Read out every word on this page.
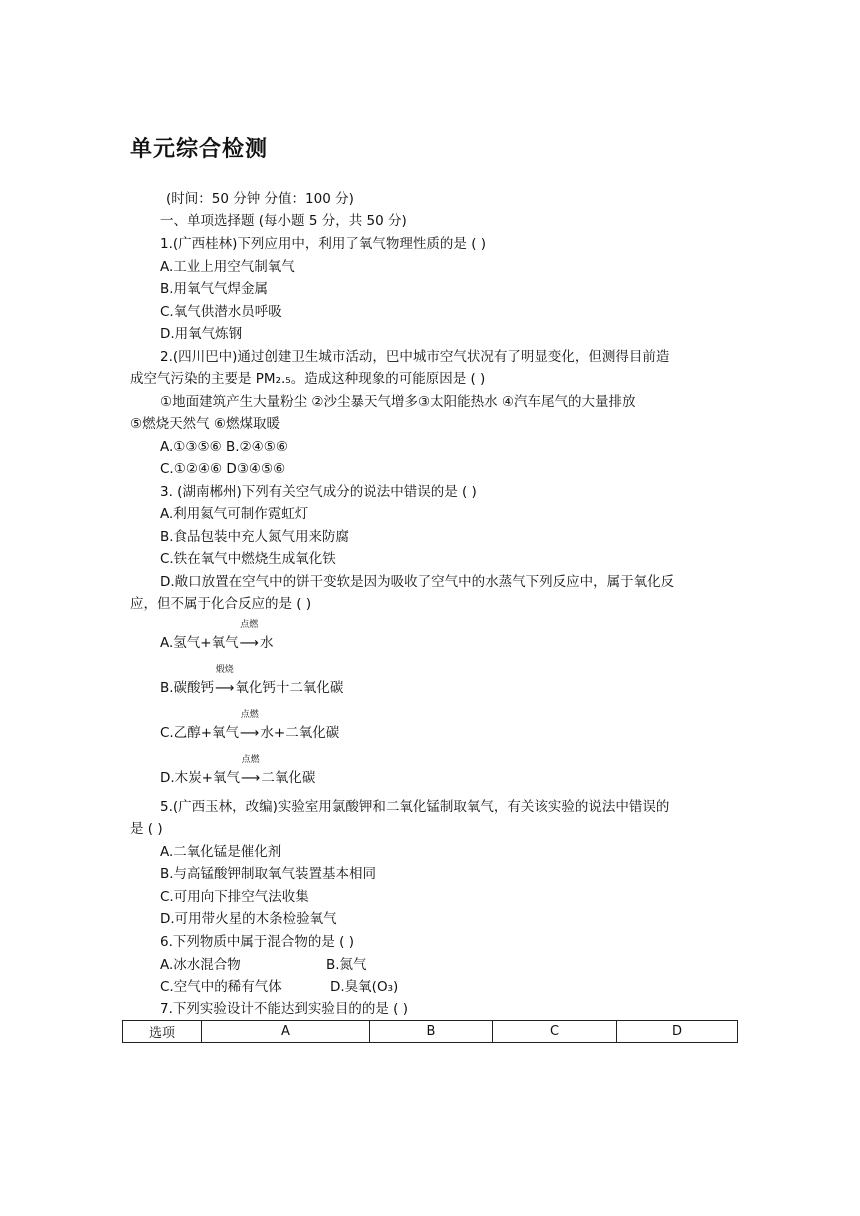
单元综合检测
(时间：50 分钟 分值：100 分)
一、单项选择题 (每小题 5 分，共 50 分)
1.(广西桂林)下列应用中，利用了氧气物理性质的是 ( )
A.工业上用空气制氧气
B.用氧气气焊金属
C.氧气供潜水员呼吸
D.用氧气炼钢
2.(四川巴中)通过创建卫生城市活动，巴中城市空气状况有了明显变化，但测得目前造
成空气污染的主要是 PM₂.₅。造成这种现象的可能原因是 ( )
①地面建筑产生大量粉尘 ②沙尘暴天气增多③太阳能热水 ④汽车尾气的大量排放
⑤燃烧天然气 ⑥燃煤取暖
A.①③⑤⑥ B.②④⑤⑥
C.①②④⑥ D③④⑤⑥
3. (湖南郴州)下列有关空气成分的说法中错误的是 ( )
A.利用氦气可制作霓虹灯
B.食品包装中充人氮气用来防腐
C.铁在氧气中燃烧生成氧化铁
D.敞口放置在空气中的饼干变软是因为吸收了空气中的水蒸气下列反应中，属于氧化反
应，但不属于化合反应的是 ( )
A.氢气+氧气
点燃
⟶水
B.碳酸钙
煅烧
⟶氧化钙十二氧化碳
C.乙醇+氧气
点燃
⟶水+二氧化碳
D.木炭+氧气
点燃
⟶二氧化碳
5.(广西玉林，改编)实验室用氯酸钾和二氧化锰制取氧气，有关该实验的说法中错误的
是 ( )
A.二氧化锰是催化剂
B.与高锰酸钾制取氧气装置基本相同
C.可用向下排空气法收集
D.可用带火星的木条检验氧气
6.下列物质中属于混合物的是 ( )
A.冰水混合物	B.氮气
C.空气中的稀有气体	D.臭氧(O₃)
7.下列实验设计不能达到实验目的的是 ( )
选项	A	B	C	D
